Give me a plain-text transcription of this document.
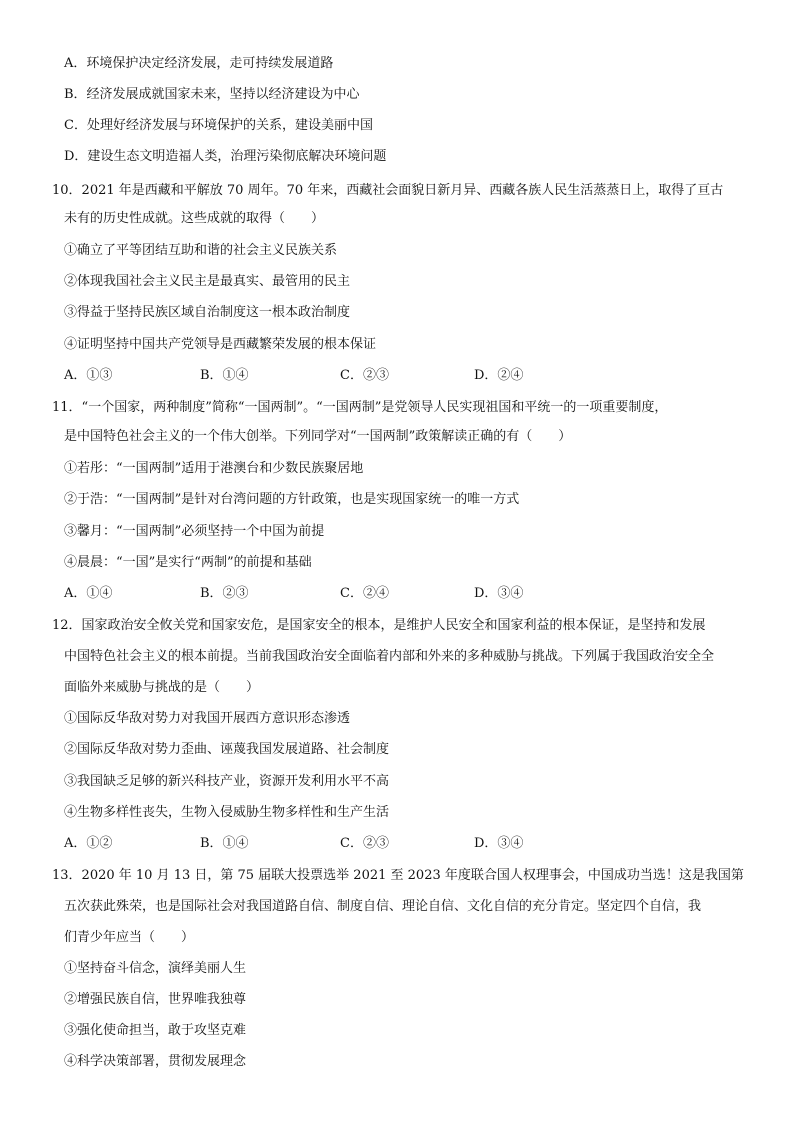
A．环境保护决定经济发展，走可持续发展道路
B．经济发展成就国家未来，坚持以经济建设为中心
C．处理好经济发展与环境保护的关系，建设美丽中国
D．建设生态文明造福人类，治理污染彻底解决环境问题
10．2021 年是西藏和平解放 70 周年。70 年来，西藏社会面貌日新月异、西藏各族人民生活蒸蒸日上，取得了亘古
未有的历史性成就。这些成就的取得（　　）
①确立了平等团结互助和谐的社会主义民族关系
②体现我国社会主义民主是最真实、最管用的民主
③得益于坚持民族区域自治制度这一根本政治制度
④证明坚持中国共产党领导是西藏繁荣发展的根本保证
A．①③	B．①④	C．②③	D．②④
11．“一个国家，两种制度”简称“一国两制”。“一国两制”是党领导人民实现祖国和平统一的一项重要制度，
是中国特色社会主义的一个伟大创举。下列同学对“一国两制”政策解读正确的有（　　）
①若彤：“一国两制”适用于港澳台和少数民族聚居地
②于浩：“一国两制”是针对台湾问题的方针政策，也是实现国家统一的唯一方式
③馨月：“一国两制”必须坚持一个中国为前提
④晨晨：“一国”是实行“两制”的前提和基础
A．①④	B．②③	C．②④	D．③④
12．国家政治安全攸关党和国家安危，是国家安全的根本，是维护人民安全和国家利益的根本保证，是坚持和发展
中国特色社会主义的根本前提。当前我国政治安全面临着内部和外来的多种威胁与挑战。下列属于我国政治安全全
面临外来威胁与挑战的是（　　）
①国际反华敌对势力对我国开展西方意识形态渗透
②国际反华敌对势力歪曲、诬蔑我国发展道路、社会制度
③我国缺乏足够的新兴科技产业，资源开发利用水平不高
④生物多样性丧失，生物入侵威胁生物多样性和生产生活
A．①②	B．①④	C．②③	D．③④
13．2020 年 10 月 13 日，第 75 届联大投票选举 2021 至 2023 年度联合国人权理事会，中国成功当选！这是我国第
五次获此殊荣，也是国际社会对我国道路自信、制度自信、理论自信、文化自信的充分肯定。坚定四个自信，我
们青少年应当（　　）
①坚持奋斗信念，演绎美丽人生
②增强民族自信，世界唯我独尊
③强化使命担当，敢于攻坚克难
④科学决策部署，贯彻发展理念
